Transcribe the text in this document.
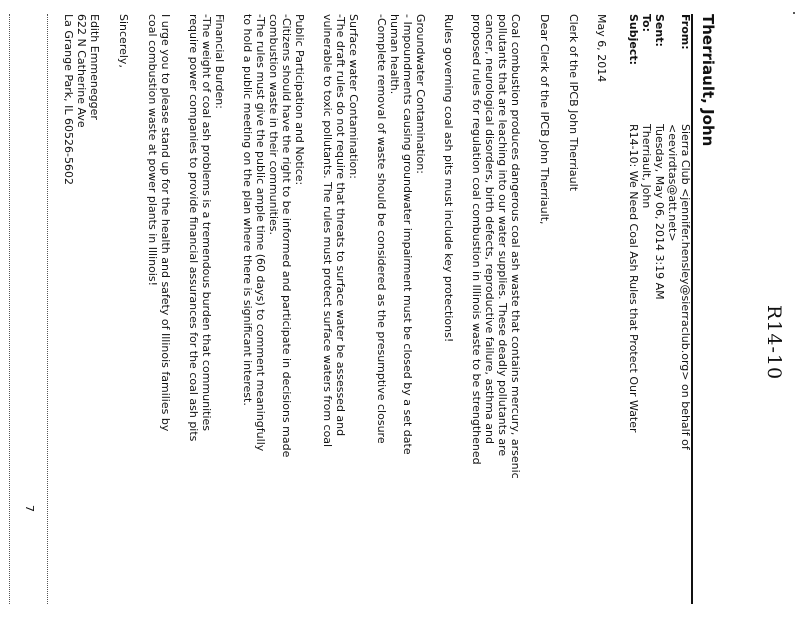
Therriault, John
R14-10
From:
Sierra Club <jennifer.hensley@sierraclub.org> on behalf of
<eevirdtas@att.net>
Sent:
Tuesday, May 06, 2014 3:19 AM
To:
Therriault, John
Subject:
R14-10: We Need Coal Ash Rules that Protect Our Water
May 6, 2014
Clerk of the IPCB John Therriault
Dear Clerk of the IPCB John Therriault,
Coal combustion produces dangerous coal ash waste that contains mercury, arsenic
pollutants that are leaching into our water supplies. These deadly pollutants are
cancer, neurological disorders, birth defects, reproductive failure, asthma and
proposed rules for regulation coal combustion in Illinois waste to be strengthened
Rules governing coal ash pits must include key protections!
Groundwater Contamination:
- Impoundments causing groundwater impairment must be closed by a set date
human health.
-Complete removal of waste should be considered as the presumptive closure
Surface water Contamination:
-The draft rules do not require that threats to surface water be assessed and
vulnerable to toxic pollutants. The rules must protect surface waters from coal
Public Participation and Notice:
-Citizens should have the right to be informed and participate in decisions made
combustion waste in their communities.
-The rules must give the public ample time (60 days) to comment meaningfully
to hold a public meeting on the plan where there is significant interest.
Financial Burden:
-The weight of coal ash problems is a tremendous burden that communities
require power companies to provide financial assurances for the coal ash pits
I urge you to please stand up for the health and safety of Illinois families by
coal combustion waste at power plants in Illinois!
Sincerely,
Edith Emmenegger
622 N Catherine Ave
La Grange Park, IL 60526-5602
7
